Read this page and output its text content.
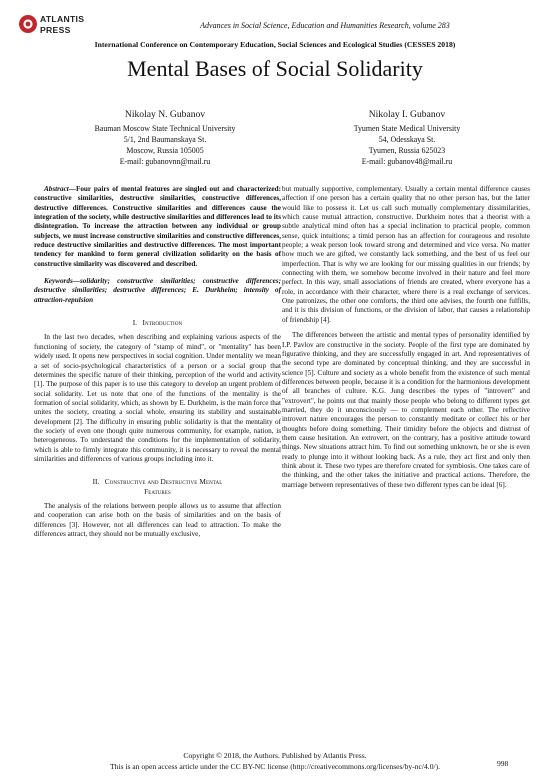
ATLANTIS
PRESS	Advances in Social Science, Education and Humanities Research, volume 283
International Conference on Contemporary Education, Social Sciences and Ecological Studies (CESSES 2018)
Mental Bases of Social Solidarity
Nikolay N. Gubanov
Bauman Moscow State Technical University
5/1, 2nd Baumanskaya St.
Moscow, Russia 105005
E-mail: gubanovnn@mail.ru
Nikolay I. Gubanov
Tyumen State Medical University
54, Odesskaya St.
Tyumen, Russia 625023
E-mail: gubanov48@mail.ru

Abstract—Four pairs of mental features are singled out and characterized: constructive similarities, destructive similarities, constructive differences, destructive differences. Constructive similarities and differences cause the integration of the society, while destructive similarities and differences lead to its disintegration. To increase the attraction between any individual or group subjects, we must increase constructive similarities and constructive differences, reduce destructive similarities and destructive differences. The most important tendency for mankind to form general civilization solidarity on the basis of constructive similarity was discovered and described.

Keywords—solidarity; constructive similarities; constructive differences; destructive similarities; destructive differences; E. Durkheim; intensity of attraction-repulsion

I. Introduction

In the last two decades, when describing and explaining various aspects of the functioning of society, the category of "stamp of mind", or "mentality" has been widely used. It opens new perspectives in social cognition. Under mentality we mean a set of socio-psychological characteristics of a person or a social group that determines the specific nature of their thinking, perception of the world and activity [1]. The purpose of this paper is to use this category to develop an urgent problem of social solidarity. Let us note that one of the functions of the mentality is the formation of social solidarity, which, as shown by E. Durkheim, is the main force that unites the society, creating a social whole, ensuring its stability and sustainable development [2]. The difficulty in ensuring public solidarity is that the mentality of the society of even one though quite numerous community, for example, nation, is heterogeneous. To understand the conditions for the implementation of solidarity, which is able to firmly integrate this community, it is necessary to reveal the mental similarities and differences of various groups including into it.

II. Constructive and Destructive Mental
Features

The analysis of the relations between people allows us to assume that affection and cooperation can arise both on the basis of similarities and on the basis of differences [3]. However, not all differences can lead to attraction. To make the differences attract, they should not be mutually exclusive,

but mutually supportive, complementary. Usually a certain mental difference causes affection if one person has a certain quality that no other person has, but the latter would like to possess it. Let us call such mutually complementary dissimilarities, which cause mutual attraction, constructive. Durkheim notes that a theorist with a subtle analytical mind often has a special inclination to practical people, common sense, quick intuitions; a timid person has an affection for courageous and resolute people; a weak person look toward strong and determined and vice versa. No matter how much we are gifted, we constantly lack something, and the best of us feel our imperfection. That is why we are looking for our missing qualities in our friends; by connecting with them, we somehow become involved in their nature and feel more perfect. In this way, small associations of friends are created, where everyone has a role, in accordance with their character, where there is a real exchange of services. One patronizes, the other one comforts, the third one advises, the fourth one fulfills, and it is this division of functions, or the division of labor, that causes a relationship of friendship [4].

The differences between the artistic and mental types of personality identified by I.P. Pavlov are constructive in the society. People of the first type are dominated by figurative thinking, and they are successfully engaged in art. And representatives of the second type are dominated by conceptual thinking, and they are successful in science [5]. Culture and society as a whole benefit from the existence of such mental differences between people, because it is a condition for the harmonious development of all branches of culture. K.G. Jung describes the types of "introvert" and "extrovert", he points out that mainly those people who belong to different types get married, they do it unconsciously — to complement each other. The reflective introvert nature encourages the person to constantly meditate or collect his or her thoughts before doing something. Their timidity before the objects and distrust of them cause hesitation. An extrovert, on the contrary, has a positive attitude toward things. New situations attract him. To find out something unknown, he or she is even ready to plunge into it without looking back. As a rule, they act first and only then think about it. These two types are therefore created for symbiosis. One takes care of the thinking, and the other takes the initiative and practical actions. Therefore, the marriage between representatives of these two different types can be ideal [6].

Copyright © 2018, the Authors. Published by Atlantis Press.
This is an open access article under the CC BY-NC license (http://creativecommons.org/licenses/by-nc/4.0/).	998
